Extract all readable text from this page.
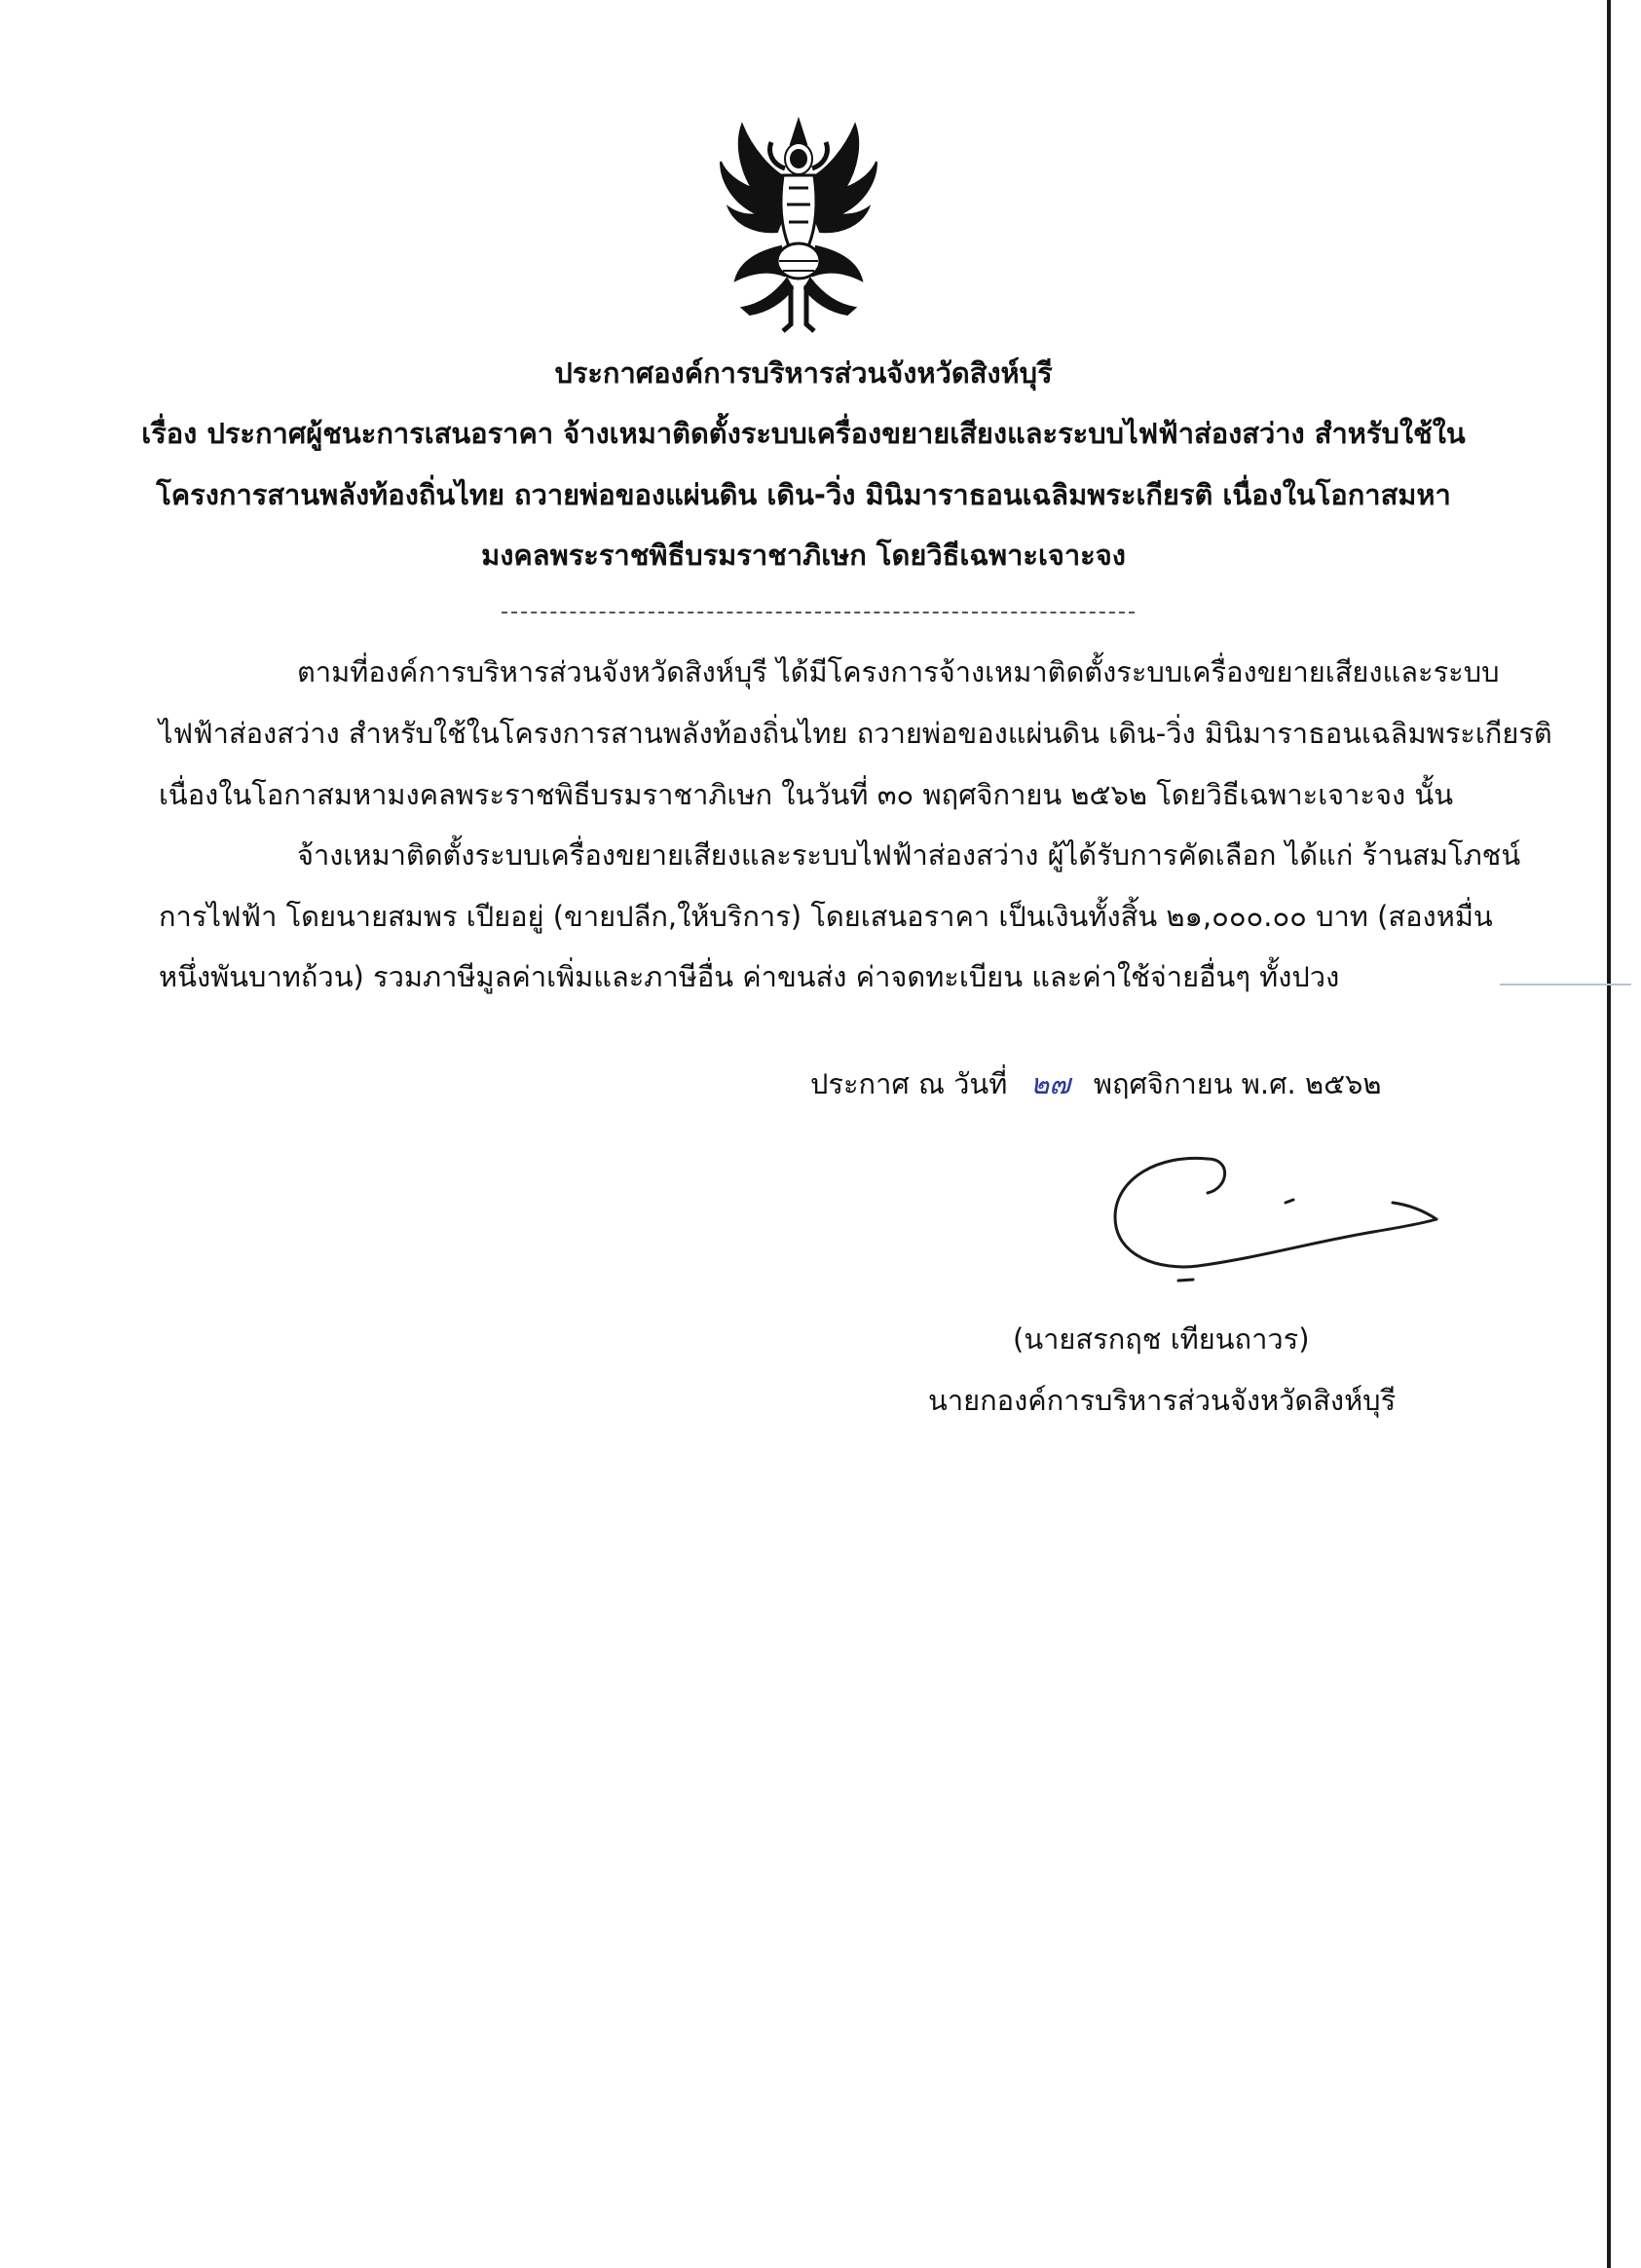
ประกาศองค์การบริหารส่วนจังหวัดสิงห์บุรี
เรื่อง ประกาศผู้ชนะการเสนอราคา จ้างเหมาติดตั้งระบบเครื่องขยายเสียงและระบบไฟฟ้าส่องสว่าง สำหรับใช้ใน
โครงการสานพลังท้องถิ่นไทย ถวายพ่อของแผ่นดิน เดิน-วิ่ง มินิมาราธอนเฉลิมพระเกียรติ เนื่องในโอกาสมหา
มงคลพระราชพิธีบรมราชาภิเษก โดยวิธีเฉพาะเจาะจง
ตามที่องค์การบริหารส่วนจังหวัดสิงห์บุรี ได้มีโครงการจ้างเหมาติดตั้งระบบเครื่องขยายเสียงและระบบ
ไฟฟ้าส่องสว่าง สำหรับใช้ในโครงการสานพลังท้องถิ่นไทย ถวายพ่อของแผ่นดิน เดิน-วิ่ง มินิมาราธอนเฉลิมพระเกียรติ
เนื่องในโอกาสมหามงคลพระราชพิธีบรมราชาภิเษก ในวันที่ ๓๐ พฤศจิกายน ๒๕๖๒ โดยวิธีเฉพาะเจาะจง นั้น
จ้างเหมาติดตั้งระบบเครื่องขยายเสียงและระบบไฟฟ้าส่องสว่าง ผู้ได้รับการคัดเลือก ได้แก่ ร้านสมโภชน์
การไฟฟ้า โดยนายสมพร เปียอยู่ (ขายปลีก,ให้บริการ) โดยเสนอราคา เป็นเงินทั้งสิ้น ๒๑,๐๐๐.๐๐ บาท (สองหมื่น
หนึ่งพันบาทถ้วน) รวมภาษีมูลค่าเพิ่มและภาษีอื่น ค่าขนส่ง ค่าจดทะเบียน และค่าใช้จ่ายอื่นๆ ทั้งปวง
ประกาศ ณ วันที่ ๒๗ พฤศจิกายน พ.ศ. ๒๕๖๒
(นายสรกฤช เทียนถาวร)
นายกองค์การบริหารส่วนจังหวัดสิงห์บุรี
